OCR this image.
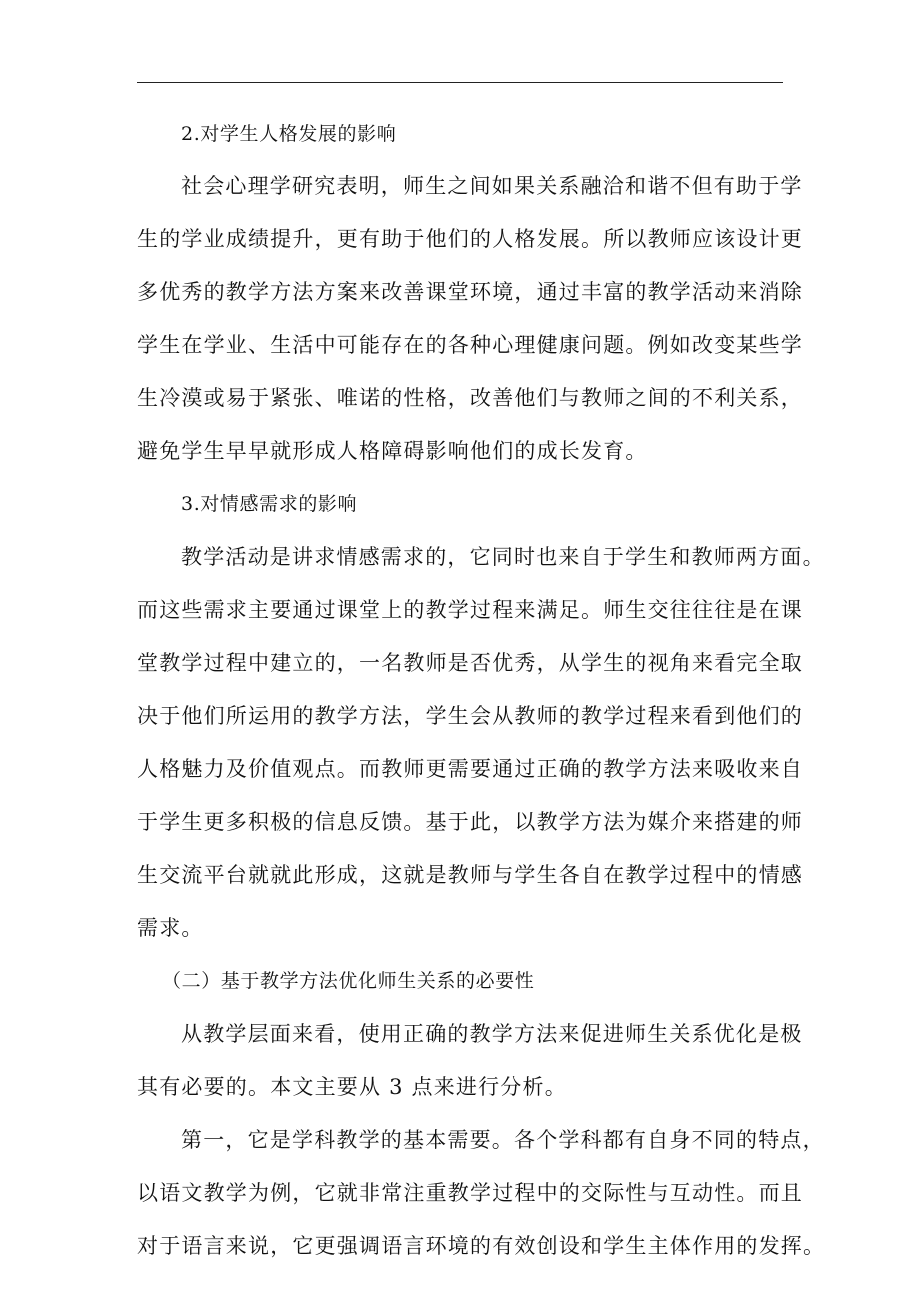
2.对学生人格发展的影响
社会心理学研究表明，师生之间如果关系融洽和谐不但有助于学
生的学业成绩提升，更有助于他们的人格发展。所以教师应该设计更
多优秀的教学方法方案来改善课堂环境，通过丰富的教学活动来消除
学生在学业、生活中可能存在的各种心理健康问题。例如改变某些学
生冷漠或易于紧张、唯诺的性格，改善他们与教师之间的不利关系，
避免学生早早就形成人格障碍影响他们的成长发育。
3.对情感需求的影响
教学活动是讲求情感需求的，它同时也来自于学生和教师两方面。
而这些需求主要通过课堂上的教学过程来满足。师生交往往往是在课
堂教学过程中建立的，一名教师是否优秀，从学生的视角来看完全取
决于他们所运用的教学方法，学生会从教师的教学过程来看到他们的
人格魅力及价值观点。而教师更需要通过正确的教学方法来吸收来自
于学生更多积极的信息反馈。基于此，以教学方法为媒介来搭建的师
生交流平台就就此形成，这就是教师与学生各自在教学过程中的情感
需求。
（二）基于教学方法优化师生关系的必要性
从教学层面来看，使用正确的教学方法来促进师生关系优化是极
其有必要的。本文主要从 3 点来进行分析。
第一，它是学科教学的基本需要。各个学科都有自身不同的特点，
以语文教学为例，它就非常注重教学过程中的交际性与互动性。而且
对于语言来说，它更强调语言环境的有效创设和学生主体作用的发挥。
